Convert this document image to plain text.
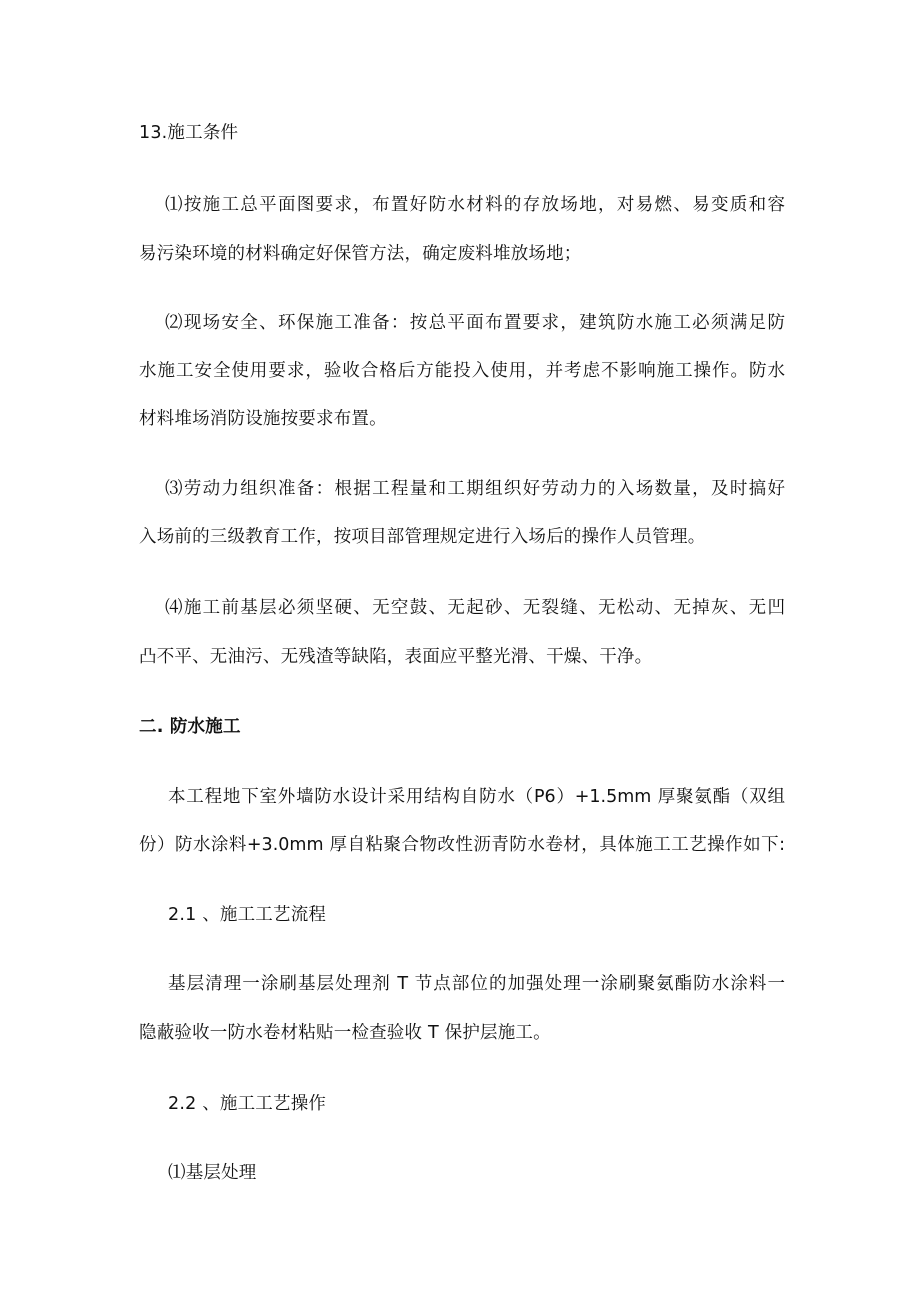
13.施工条件
⑴按施工总平面图要求，布置好防水材料的存放场地，对易燃、易变质和容
易污染环境的材料确定好保管方法，确定废料堆放场地；
⑵现场安全、环保施工准备：按总平面布置要求，建筑防水施工必须满足防
水施工安全使用要求，验收合格后方能投入使用，并考虑不影响施工操作。防水
材料堆场消防设施按要求布置。
⑶劳动力组织准备：根据工程量和工期组织好劳动力的入场数量，及时搞好
入场前的三级教育工作，按项目部管理规定进行入场后的操作人员管理。
⑷施工前基层必须坚硬、无空鼓、无起砂、无裂缝、无松动、无掉灰、无凹
凸不平、无油污、无残渣等缺陷，表面应平整光滑、干燥、干净。
二. 防水施工
本工程地下室外墙防水设计采用结构自防水（P6）+1.5mm 厚聚氨酯（双组
份）防水涂料+3.0mm 厚自粘聚合物改性沥青防水卷材，具体施工工艺操作如下:
2.1 、施工工艺流程
基层清理一涂刷基层处理剂 T 节点部位的加强处理一涂刷聚氨酯防水涂料一
隐蔽验收一防水卷材粘贴一检查验收 T 保护层施工。
2.2 、施工工艺操作
⑴基层处理
